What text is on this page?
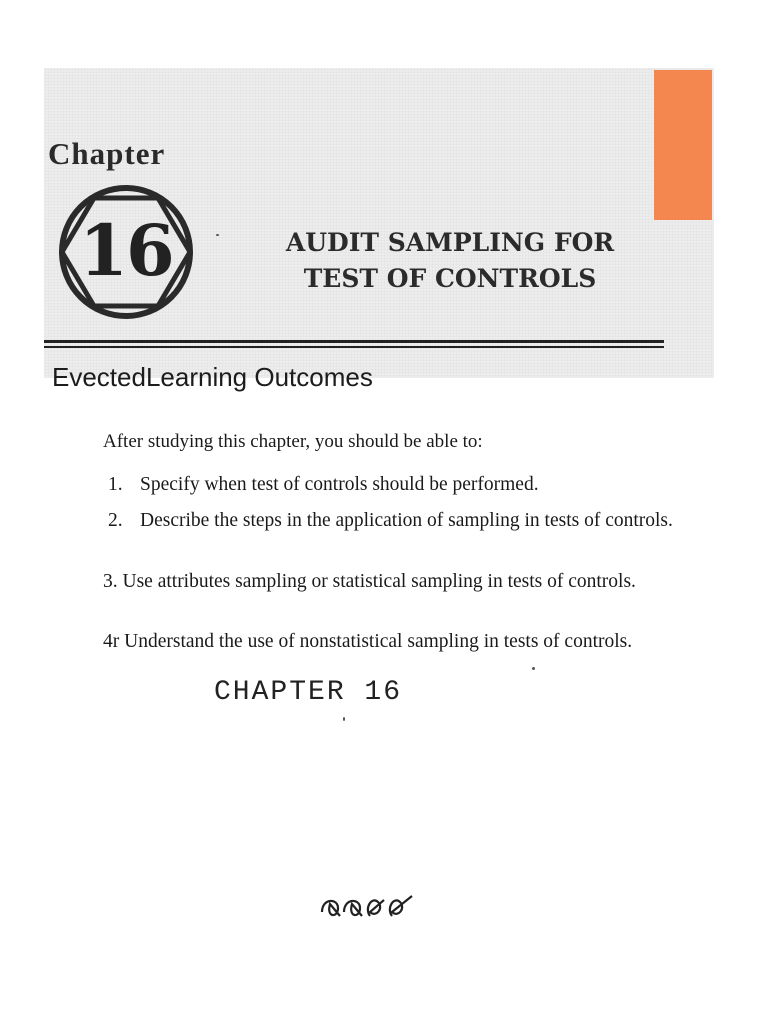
Chapter
16	AUDIT SAMPLING FOR
TEST OF CONTROLS
EvectedLearning Outcomes
After studying this chapter, you should be able to:
1. Specify when test of controls should be performed.
2. Describe the steps in the application of sampling in tests of controls.
3. Use attributes sampling or statistical sampling in tests of controls.
4r Understand the use of nonstatistical sampling in tests of controls.
CHAPTER 16
